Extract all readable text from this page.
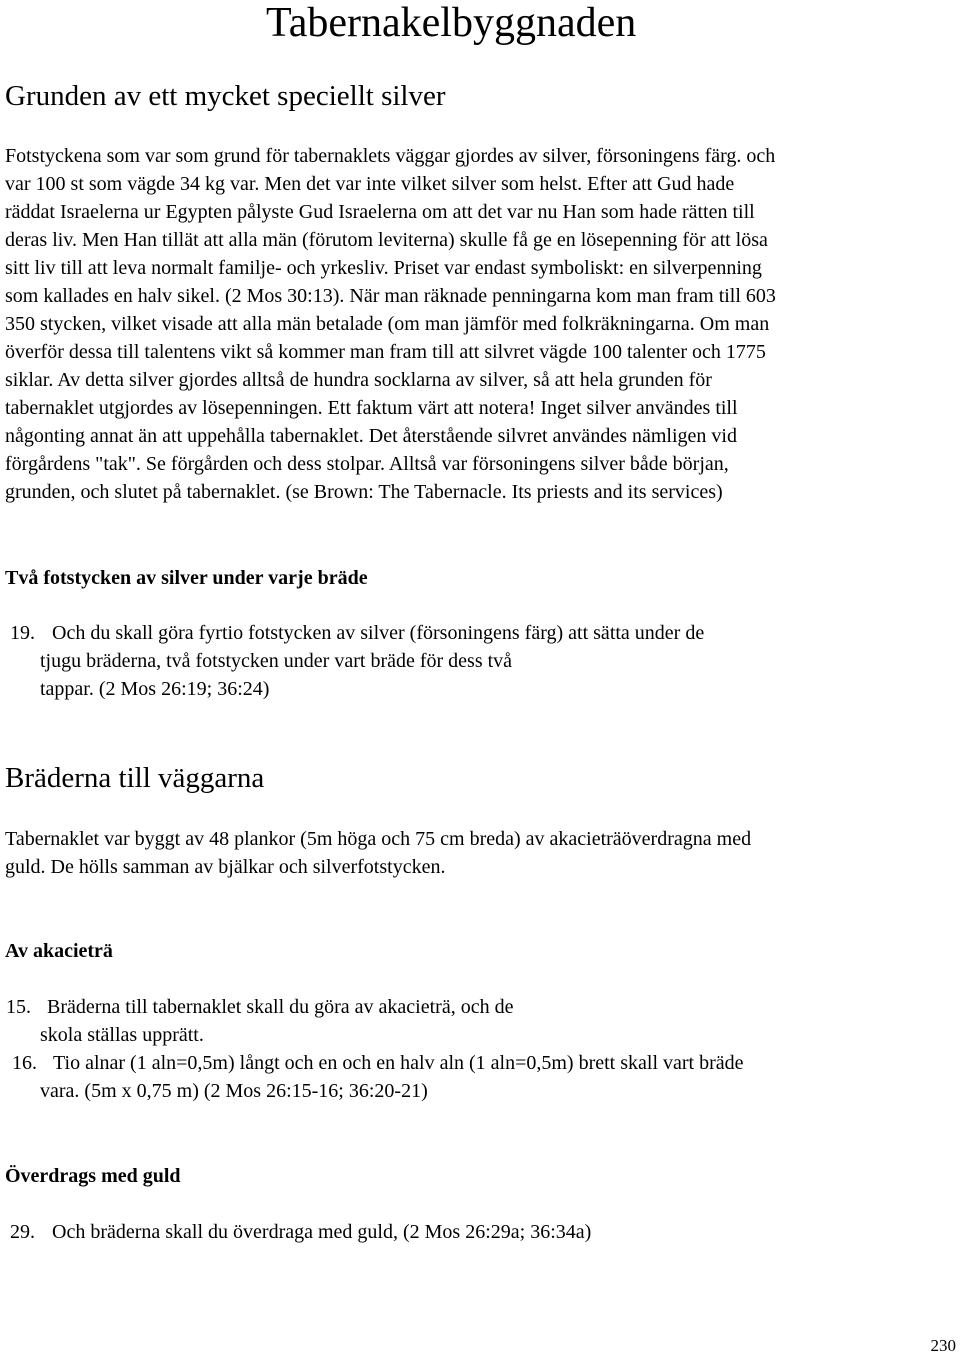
Tabernakelbyggnaden
Grunden av ett mycket speciellt silver
Fotstyckena som var som grund för tabernaklets väggar gjordes av silver, försoningens färg. och
var 100 st som vägde 34 kg var. Men det var inte vilket silver som helst. Efter att Gud hade
räddat Israelerna ur Egypten pålyste Gud Israelerna om att det var nu Han som hade rätten till
deras liv. Men Han tillät att alla män (förutom leviterna) skulle få ge en lösepenning för att lösa
sitt liv till att leva normalt familje- och yrkesliv. Priset var endast symboliskt: en silverpenning
som kallades en halv sikel. (2 Mos 30:13). När man räknade penningarna kom man fram till 603
350 stycken, vilket visade att alla män betalade (om man jämför med folkräkningarna. Om man
överför dessa till talentens vikt så kommer man fram till att silvret vägde 100 talenter och 1775
siklar. Av detta silver gjordes alltså de hundra socklarna av silver, så att hela grunden för
tabernaklet utgjordes av lösepenningen. Ett faktum värt att notera! Inget silver användes till
någonting annat än att uppehålla tabernaklet. Det återstående silvret användes nämligen vid
förgårdens "tak". Se förgården och dess stolpar. Alltså var försoningens silver både början,
grunden, och slutet på tabernaklet. (se Brown: The Tabernacle. Its priests and its services)
Två fotstycken av silver under varje bräde
19. Och du skall göra fyrtio fotstycken av silver (försoningens färg) att sätta under de
tjugu bräderna, två fotstycken under vart bräde för dess två
tappar. (2 Mos 26:19; 36:24)
Bräderna till väggarna
Tabernaklet var byggt av 48 plankor (5m höga och 75 cm breda) av akacieträöverdragna med
guld. De hölls samman av bjälkar och silverfotstycken.
Av akacieträ
15. Bräderna till tabernaklet skall du göra av akacieträ, och de
skola ställas upprätt.
16. Tio alnar (1 aln=0,5m) långt och en och en halv aln (1 aln=0,5m) brett skall vart bräde
vara. (5m x 0,75 m) (2 Mos 26:15-16; 36:20-21)
Överdrags med guld
29. Och bräderna skall du överdraga med guld, (2 Mos 26:29a; 36:34a)
230
